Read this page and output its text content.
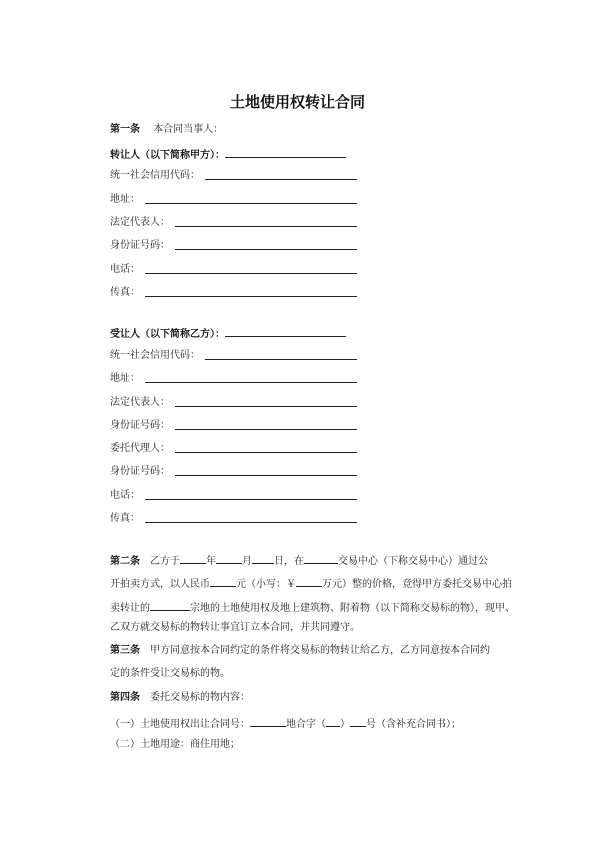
土地使用权转让合同
第一条 本合同当事人：
转让人（以下简称甲方）：
统一社会信用代码：
地址：
法定代表人：
身份证号码：
电话：
传真：
受让人（以下简称乙方）：
统一社会信用代码：
地址：
法定代表人：
身份证号码：
委托代理人：
身份证号码：
电话：
传真：
第二条 乙方于	年	月 日，在	交易中心（下称交易中心）通过公
开拍卖方式，以人民币	元（小写：￥	万元）整的价格，竞得甲方委托交易中心拍
卖转让的	宗地的土地使用权及地上建筑物、附着物（以下简称交易标的物），现甲、
乙双方就交易标的物转让事宜订立本合同，并共同遵守。
第三条 甲方同意按本合同约定的条件将交易标的物转让给乙方，乙方同意按本合同约
定的条件受让交易标的物。
第四条 委托交易标的物内容：
（一）土地使用权出让合同号：	地合字（ ） 号（含补充合同书）；
（二）土地用途：商住用地；
